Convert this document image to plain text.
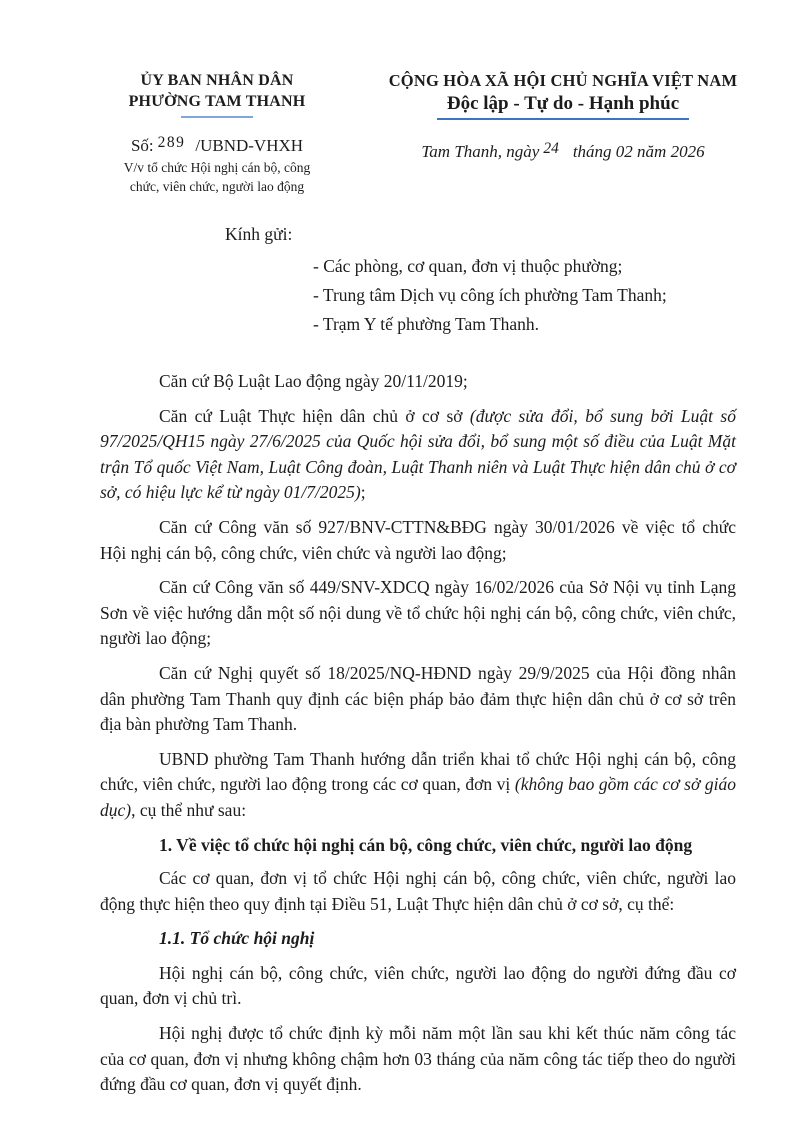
ỦY BAN NHÂN DÂN
PHƯỜNG TAM THANH
Số: 289 /UBND-VHXH
V/v tổ chức Hội nghị cán bộ, công
chức, viên chức, người lao động
CỘNG HÒA XÃ HỘI CHỦ NGHĨA VIỆT NAM
Độc lập - Tự do - Hạnh phúc
Tam Thanh, ngày 24 tháng 02 năm 2026
Kính gửi:
- Các phòng, cơ quan, đơn vị thuộc phường;
- Trung tâm Dịch vụ công ích phường Tam Thanh;
- Trạm Y tế phường Tam Thanh.

Căn cứ Bộ Luật Lao động ngày 20/11/2019;

Căn cứ Luật Thực hiện dân chủ ở cơ sở (được sửa đổi, bổ sung bởi Luật số 97/2025/QH15 ngày 27/6/2025 của Quốc hội sửa đổi, bổ sung một số điều của Luật Mặt trận Tổ quốc Việt Nam, Luật Công đoàn, Luật Thanh niên và Luật Thực hiện dân chủ ở cơ sở, có hiệu lực kể từ ngày 01/7/2025);

Căn cứ Công văn số 927/BNV-CTTN&BĐG ngày 30/01/2026 về việc tổ chức Hội nghị cán bộ, công chức, viên chức và người lao động;

Căn cứ Công văn số 449/SNV-XDCQ ngày 16/02/2026 của Sở Nội vụ tỉnh Lạng Sơn về việc hướng dẫn một số nội dung về tổ chức hội nghị cán bộ, công chức, viên chức, người lao động;

Căn cứ Nghị quyết số 18/2025/NQ-HĐND ngày 29/9/2025 của Hội đồng nhân dân phường Tam Thanh quy định các biện pháp bảo đảm thực hiện dân chủ ở cơ sở trên địa bàn phường Tam Thanh.

UBND phường Tam Thanh hướng dẫn triển khai tổ chức Hội nghị cán bộ, công chức, viên chức, người lao động trong các cơ quan, đơn vị (không bao gồm các cơ sở giáo dục), cụ thể như sau:

1. Về việc tổ chức hội nghị cán bộ, công chức, viên chức, người lao động

Các cơ quan, đơn vị tổ chức Hội nghị cán bộ, công chức, viên chức, người lao động thực hiện theo quy định tại Điều 51, Luật Thực hiện dân chủ ở cơ sở, cụ thể:

1.1. Tổ chức hội nghị

Hội nghị cán bộ, công chức, viên chức, người lao động do người đứng đầu cơ quan, đơn vị chủ trì.

Hội nghị được tổ chức định kỳ mỗi năm một lần sau khi kết thúc năm công tác của cơ quan, đơn vị nhưng không chậm hơn 03 tháng của năm công tác tiếp theo do người đứng đầu cơ quan, đơn vị quyết định.
